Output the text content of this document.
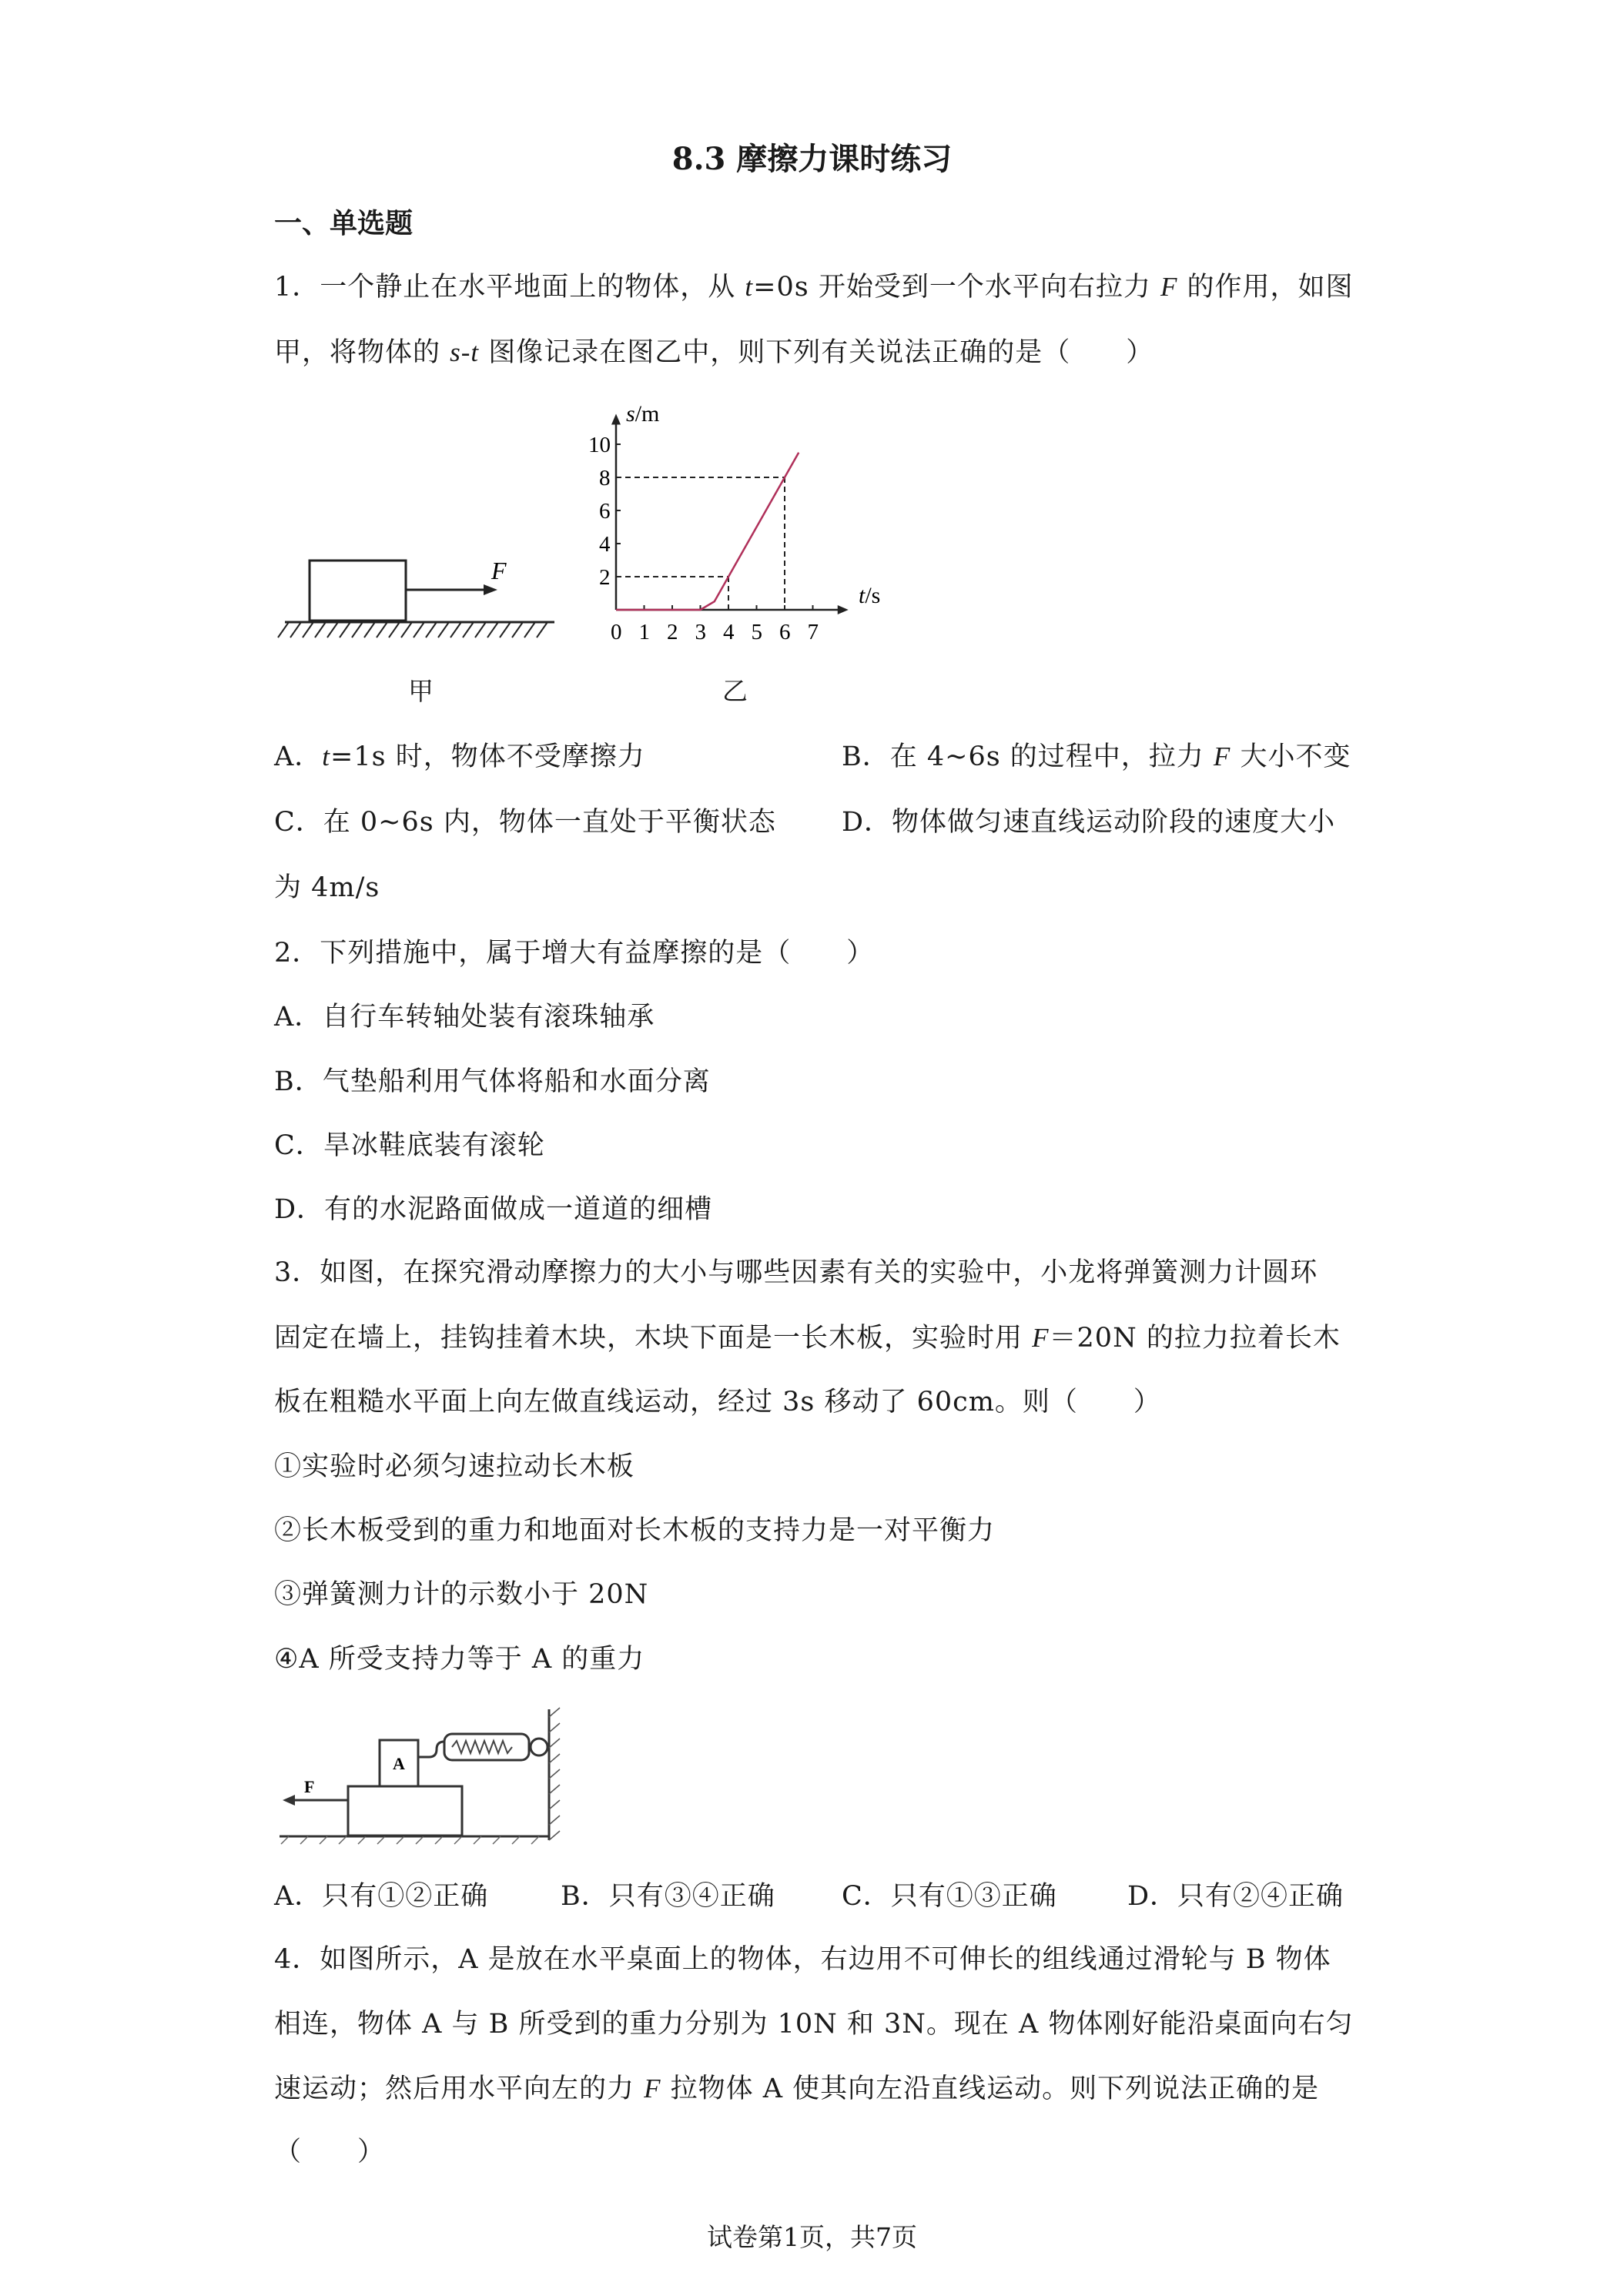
8.3 摩擦力课时练习
一、单选题
1．一个静止在水平地面上的物体，从 t=0s 开始受到一个水平向右拉力 F 的作用，如图
甲，将物体的 s-t 图像记录在图乙中，则下列有关说法正确的是（　　）
F
甲
0 1 2 3 4 5 6 7
2
4
6
8
10
s/m
t/s
乙
A．t=1s 时，物体不受摩擦力	B．在 4~6s 的过程中，拉力 F 大小不变
C．在 0~6s 内，物体一直处于平衡状态 D．物体做匀速直线运动阶段的速度大小
为 4m/s
2．下列措施中，属于增大有益摩擦的是（　　）
A．自行车转轴处装有滚珠轴承
B．气垫船利用气体将船和水面分离
C．旱冰鞋底装有滚轮
D．有的水泥路面做成一道道的细槽
3．如图，在探究滑动摩擦力的大小与哪些因素有关的实验中，小龙将弹簧测力计圆环
固定在墙上，挂钩挂着木块，木块下面是一长木板，实验时用 F＝20N 的拉力拉着长木
板在粗糙水平面上向左做直线运动，经过 3s 移动了 60cm。则（　　）
①实验时必须匀速拉动长木板
②长木板受到的重力和地面对长木板的支持力是一对平衡力
③弹簧测力计的示数小于 20N
④A 所受支持力等于 A 的重力
A
F
A．只有①②正确	B．只有③④正确 C．只有①③正确	D．只有②④正确
4．如图所示，A 是放在水平桌面上的物体，右边用不可伸长的组线通过滑轮与 B 物体
相连，物体 A 与 B 所受到的重力分别为 10N 和 3N。现在 A 物体刚好能沿桌面向右匀
速运动；然后用水平向左的力 F 拉物体 A 使其向左沿直线运动。则下列说法正确的是
（　　）
试卷第1页，共7页
